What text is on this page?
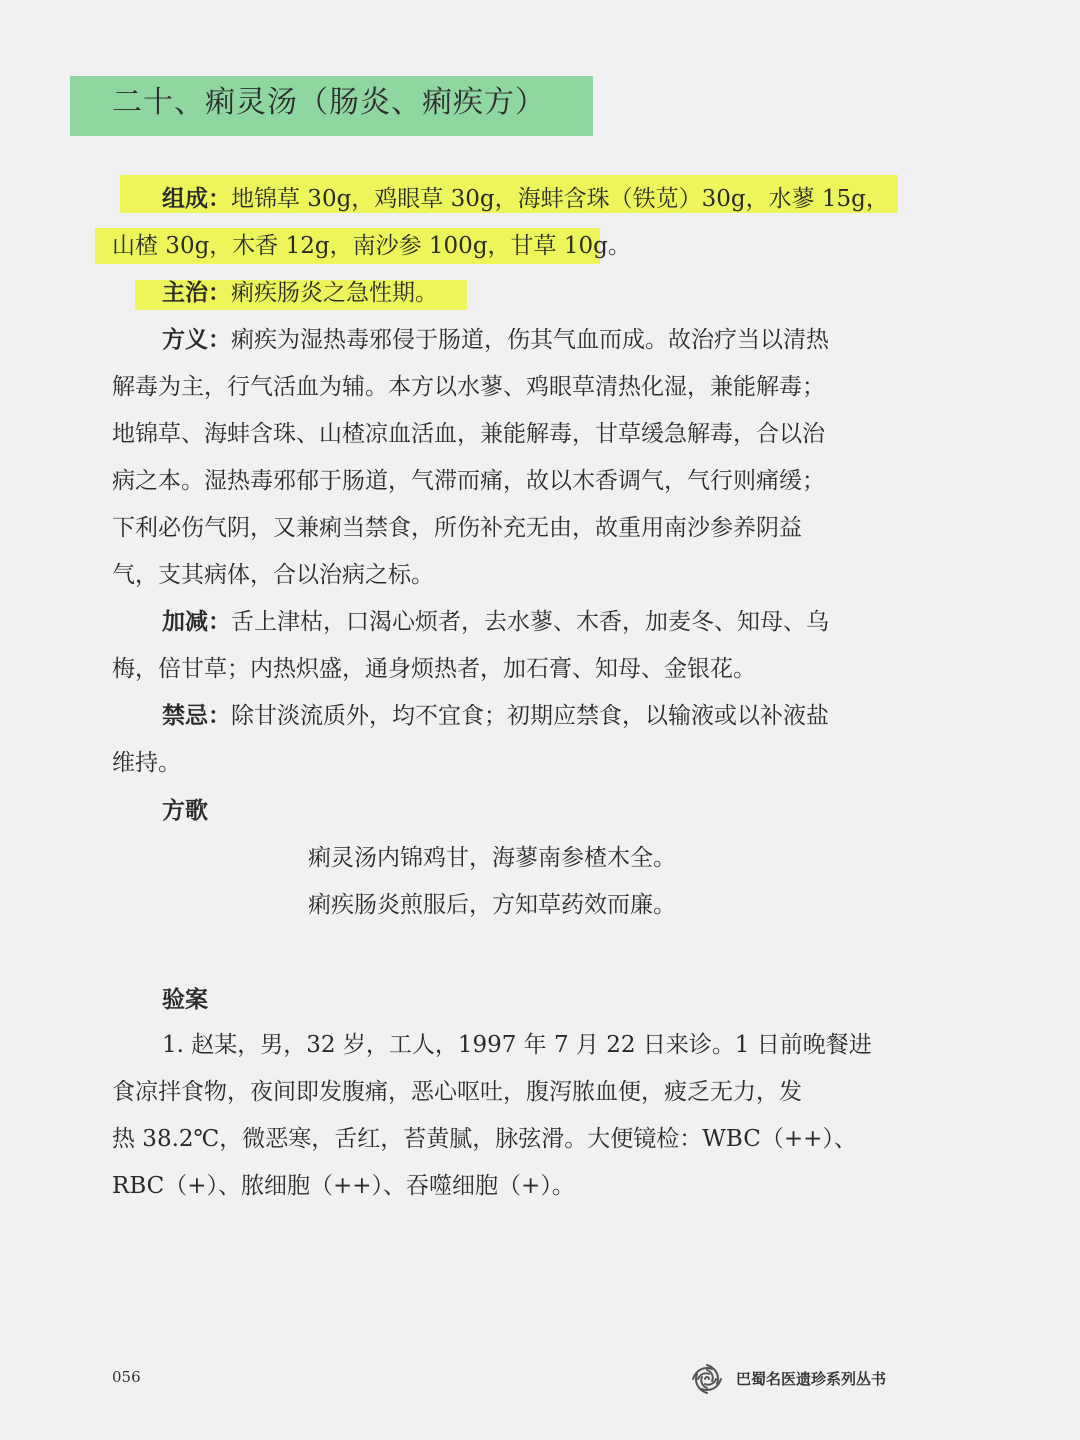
二十、痢灵汤（肠炎、痢疾方）
组成：地锦草 30g，鸡眼草 30g，海蚌含珠（铁苋）30g，水蓼 15g，
山楂 30g，木香 12g，南沙参 100g，甘草 10g。
主治：痢疾肠炎之急性期。
方义：痢疾为湿热毒邪侵于肠道，伤其气血而成。故治疗当以清热
解毒为主，行气活血为辅。本方以水蓼、鸡眼草清热化湿，兼能解毒；
地锦草、海蚌含珠、山楂凉血活血，兼能解毒，甘草缓急解毒，合以治
病之本。湿热毒邪郁于肠道，气滞而痛，故以木香调气，气行则痛缓；
下利必伤气阴，又兼痢当禁食，所伤补充无由，故重用南沙参养阴益
气，支其病体，合以治病之标。
加减：舌上津枯，口渴心烦者，去水蓼、木香，加麦冬、知母、乌
梅，倍甘草；内热炽盛，通身烦热者，加石膏、知母、金银花。
禁忌：除甘淡流质外，均不宜食；初期应禁食，以输液或以补液盐
维持。
方歌
痢灵汤内锦鸡甘，海蓼南参楂木全。
痢疾肠炎煎服后，方知草药效而廉。
验案
1. 赵某，男，32 岁，工人，1997 年 7 月 22 日来诊。1 日前晚餐进
食凉拌食物，夜间即发腹痛，恶心呕吐，腹泻脓血便，疲乏无力，发
热 38.2℃，微恶寒，舌红，苔黄腻，脉弦滑。大便镜检：WBC（++）、
RBC（+）、脓细胞（++）、吞噬细胞（+）。
056	巴蜀名医遗珍系列丛书
